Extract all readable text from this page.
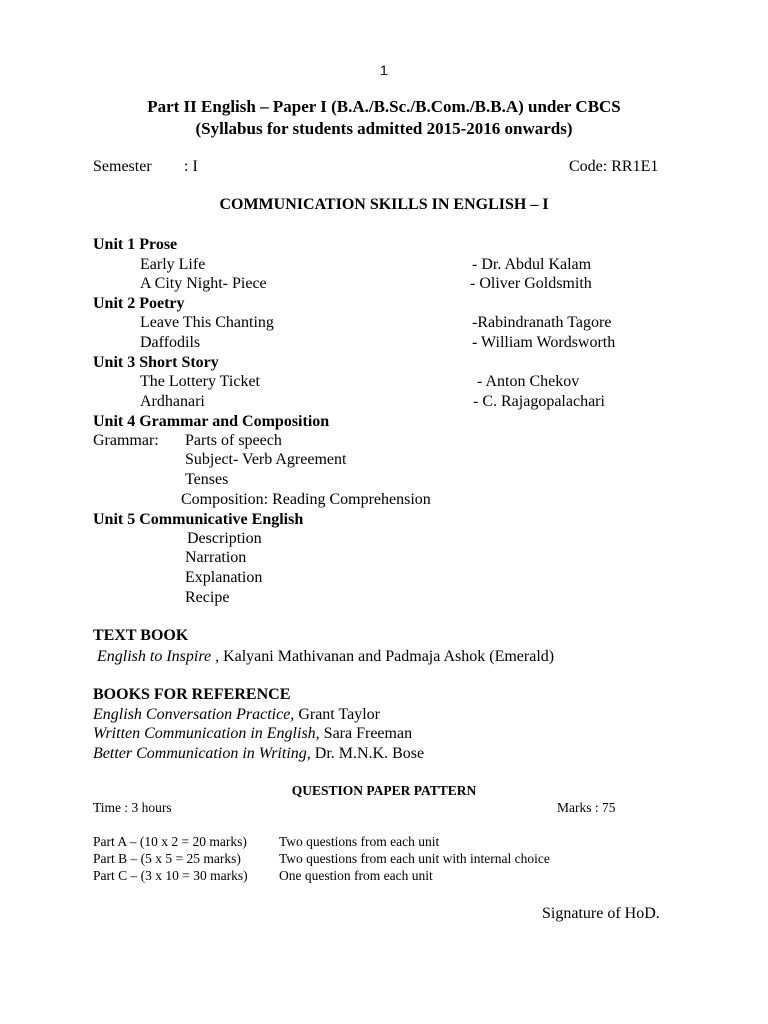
1
Part II English – Paper I (B.A./B.Sc./B.Com./B.B.A) under CBCS
(Syllabus for students admitted 2015-2016 onwards)
Semester : I	Code: RR1E1
COMMUNICATION SKILLS IN ENGLISH – I
Unit 1 Prose
Early Life	- Dr. Abdul Kalam
A City Night- Piece	- Oliver Goldsmith
Unit 2 Poetry
Leave This Chanting	-Rabindranath Tagore
Daffodils	- William Wordsworth
Unit 3 Short Story
The Lottery Ticket	- Anton Chekov
Ardhanari	- C. Rajagopalachari
Unit 4 Grammar and Composition
Grammar: Parts of speech
Subject- Verb Agreement
Tenses
Composition: Reading Comprehension
Unit 5 Communicative English
Description
Narration
Explanation
Recipe
TEXT BOOK
English to Inspire , Kalyani Mathivanan and Padmaja Ashok (Emerald)
BOOKS FOR REFERENCE
English Conversation Practice, Grant Taylor
Written Communication in English, Sara Freeman
Better Communication in Writing, Dr. M.N.K. Bose
QUESTION PAPER PATTERN
Time : 3 hours	Marks : 75
Part A – (10 x 2 = 20 marks) Two questions from each unit
Part B – (5 x 5 = 25 marks)	Two questions from each unit with internal choice
Part C – (3 x 10 = 30 marks) One question from each unit
Signature of HoD.
